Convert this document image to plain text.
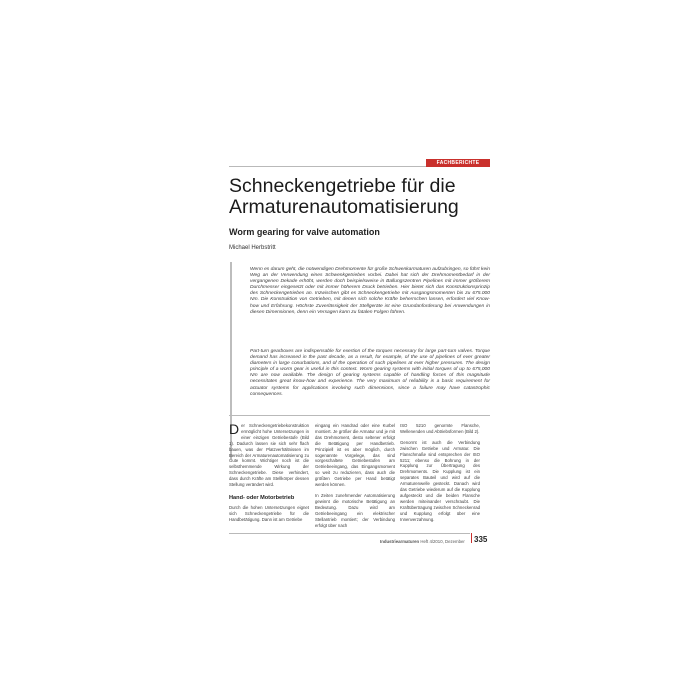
FACHBERICHTE
Schneckengetriebe für die Armaturenautomatisierung
Worm gearing for valve automation
Michael Herbstritt

Wenn es darum geht, die notwendigen Drehmomente für große Schwenkarmaturen aufzubringen, so führt kein Weg an der Verwendung eines Schwenkgetriebes vorbei. Dabei hat sich der Drehmomentbedarf in der vergangenen Dekade erhöht, werden doch beispielsweise in Ballungszentren Pipelines mit immer größerem Durchmesser eingesetzt oder mit immer höherem Druck betrieben. Hier bietet sich das Konstruktionsprinzip des Schneckengetriebes an. Inzwischen gibt es Schneckengetriebe mit Ausgangsmomenten bis zu 675.000 Nm. Die Konstruktion von Getrieben, mit denen sich solche Kräfte beherrschen lassen, erfordert viel Know-how und Erfahrung. Höchste Zuverlässigkeit der Stellgeräte ist eine Grundanforderung bei Anwendungen in diesen Dimensionen, denn ein Versagen kann zu fatalen Folgen führen.

Part-turn gearboxes are indispensable for exertion of the torques necessary for large part-turn valves. Torque demand has increased in the past decade, as a result, for example, of the use of pipelines of ever greater diameters in large conurbations, and of the operation of such pipelines at ever higher pressures. The design principle of a worm gear is useful in this context. Worm gearing systems with initial torques of up to 675,000 Nm are now available. The design of gearing systems capable of handling forces of this magnitude necessitates great know-how and experience. The very maximum of reliability is a basic requirement for actuator systems for applications involving such dimensions, since a failure may have catastrophic consequences.

Der Schneckengetriebekonstruktion ermöglicht hohe Untersetzungen in einer einzigen Getriebestufe (Bild 1). Dadurch lassen sie sich sehr flach bauen, was der Platzverhältnissen im Bereich der Armaturenautomatisierung zu Gute kommt. Wichtiger noch ist die selbsthemmende Wirkung der Schneckengetriebe. Diese verhindert, dass durch Kräfte am Stellkörper dessen Stellung verändert wird.

Hand- oder Motorbetrieb

Durch die hohen Untersetzungen eignet sich Schneckengetriebe für die Handbetätigung. Dann ist am Getriebe

eingang ein Handrad oder eine Kurbel montiert. Je größer die Armatur und je mit das Drehmoment, desto seltener erfolgt die Betätigung per Handbetrieb. Prinzipiell ist es aber möglich, durch sogenannte Vorgelege, das sind vorgeschaltete Getriebestufen am Getriebeeingang, das Eingangsmoment so weit zu reduzieren, dass auch die größten Getriebe per Hand betätigt werden können.

In Zeiten zunehmender Automatisierung gewinnt die motorische Betätigung an Bedeutung. Dazu wird am Getriebeeingang ein elektrischer Stellantrieb montiert; der Verbindung erfolgt über nach

ISO 5210 genormte Flansche, Wellenenden und Abtriebsformen (Bild 2).

Genormt ist auch die Verbindung zwischen Getriebe und Armatur. Die Flanschmaße sind entsprechen der ISO 5211; ebenso die Bohrung in der Kupplung zur Übertragung des Drehmoments. Die Kupplung ist ein separates Bauteil und wird auf die Armaturenwelle gesteckt. Danach wird das Getriebe wiederum auf die Kupplung aufgesteckt und die beiden Flansche werden miteinander verschraubt. Die Kraftübertragung zwischen Schneckenrad und Kupplung erfolgt über eine Innenverzahnung.

Industriearmaturen Heft 4/2010, Dezember 335
